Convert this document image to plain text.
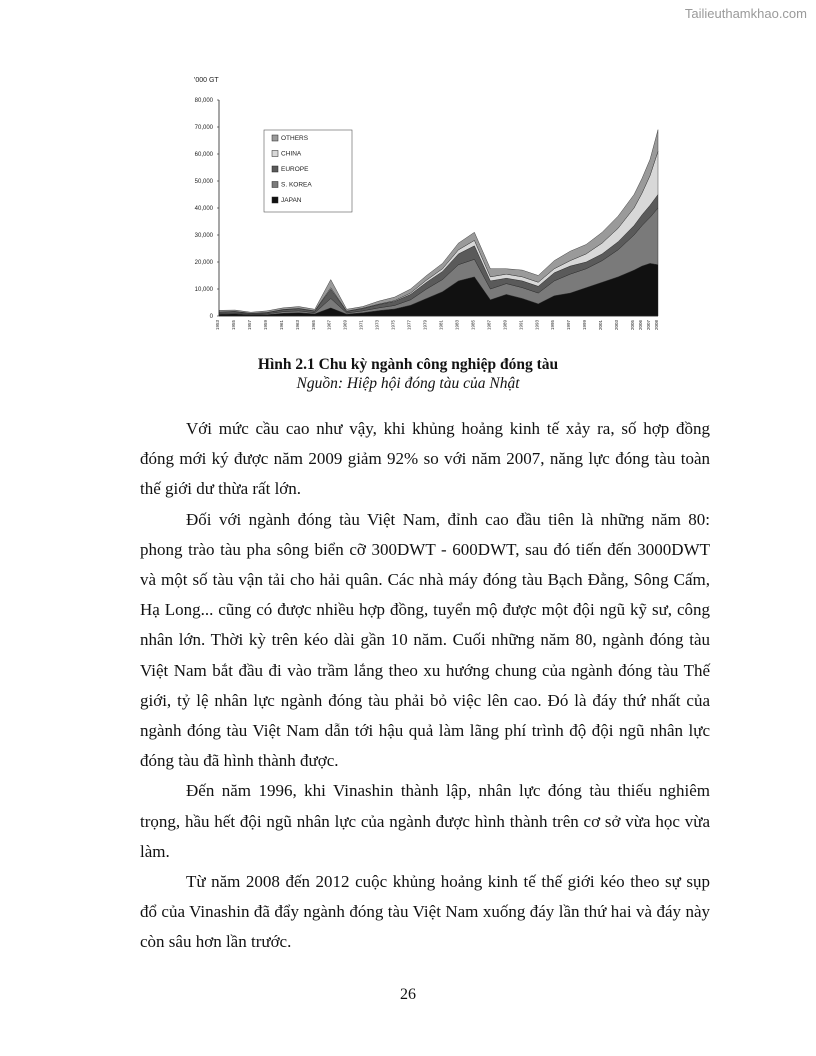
Tailieuthamkhao.com
'000 GT
0
10,000
20,000
30,000
40,000
50,000
60,000
70,000
80,000
1953 1955 1957 1959 1961 1963 1965 1967 1969 1971 1973 1975 1977 1979 1981 1983 1985 1987 1989 1991 1993 1995 1997 1999 2001 2003 2005 2006 2007 2008
OTHERS
CHINA
EUROPE
S. KOREA
JAPAN
Hình 2.1 Chu kỳ ngành công nghiệp đóng tàu
Nguồn: Hiệp hội đóng tàu của Nhật

Với mức cầu cao như vậy, khi khủng hoảng kinh tế xảy ra, số hợp đồng đóng mới ký được năm 2009 giảm 92% so với năm 2007, năng lực đóng tàu toàn thế giới dư thừa rất lớn.

Đối với ngành đóng tàu Việt Nam, đỉnh cao đầu tiên là những năm 80: phong trào tàu pha sông biển cỡ 300DWT - 600DWT, sau đó tiến đến 3000DWT và một số tàu vận tải cho hải quân. Các nhà máy đóng tàu Bạch Đằng, Sông Cấm, Hạ Long... cũng có được nhiều hợp đồng, tuyển mộ được một đội ngũ kỹ sư, công nhân lớn. Thời kỳ trên kéo dài gần 10 năm. Cuối những năm 80, ngành đóng tàu Việt Nam bắt đầu đi vào trầm lắng theo xu hướng chung của ngành đóng tàu Thế giới, tỷ lệ nhân lực ngành đóng tàu phải bỏ việc lên cao. Đó là đáy thứ nhất của ngành đóng tàu Việt Nam dẫn tới hậu quả làm lãng phí trình độ đội ngũ nhân lực đóng tàu đã hình thành được.

Đến năm 1996, khi Vinashin thành lập, nhân lực đóng tàu thiếu nghiêm trọng, hầu hết đội ngũ nhân lực của ngành được hình thành trên cơ sở vừa học vừa làm.

Từ năm 2008 đến 2012 cuộc khủng hoảng kinh tế thế giới kéo theo sự sụp đổ của Vinashin đã đẩy ngành đóng tàu Việt Nam xuống đáy lần thứ hai và đáy này còn sâu hơn lần trước.

26
